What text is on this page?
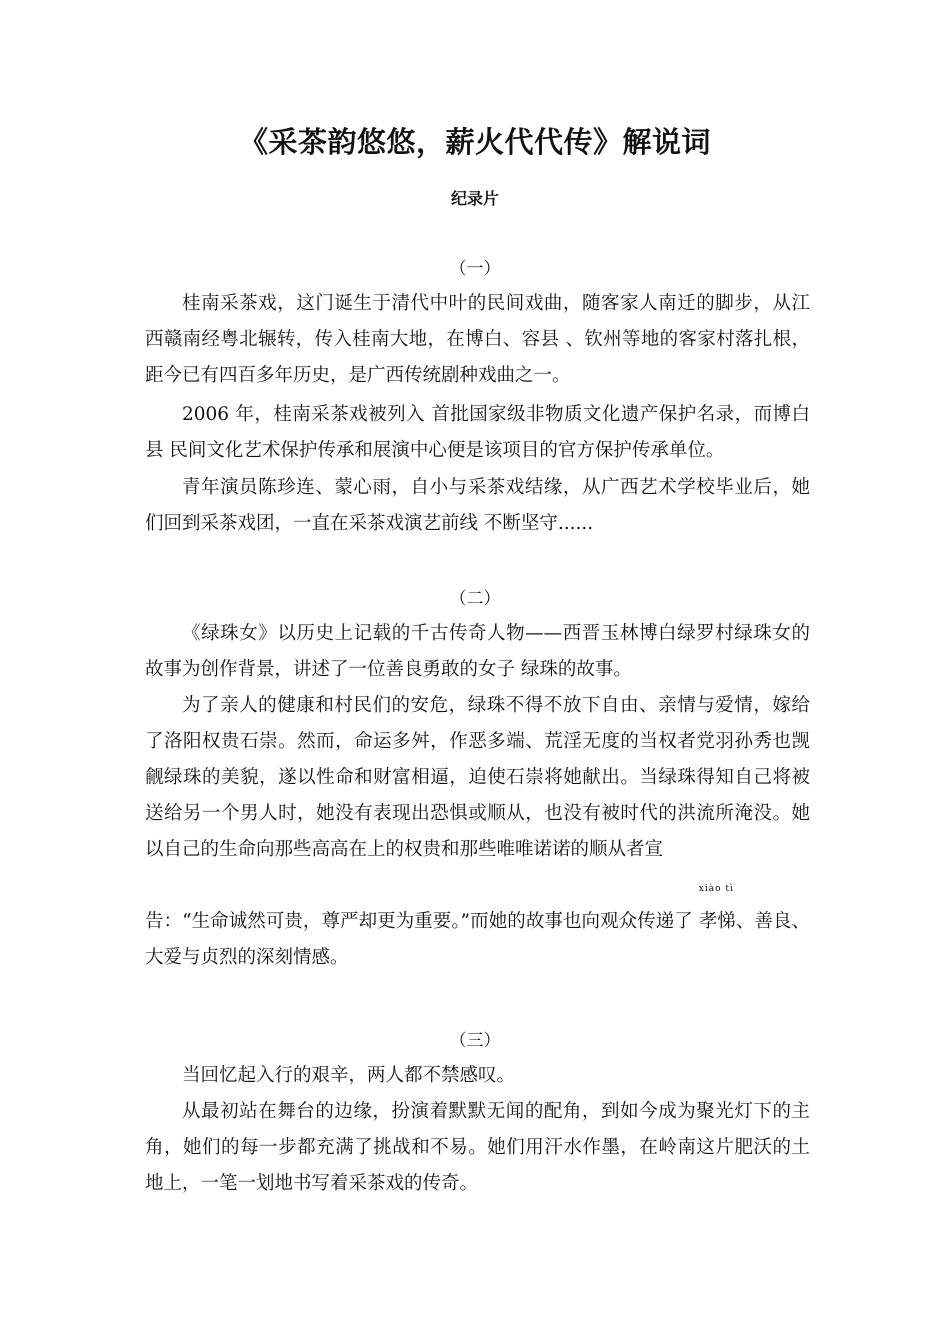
《采茶韵悠悠，薪火代代传》解说词
纪录片
（一）

桂南采茶戏，这门诞生于清代中叶的民间戏曲，随客家人南迁的脚步，从江西赣南经粤北辗转，传入桂南大地，在博白、容县 、钦州等地的客家村落扎根，距今已有四百多年历史，是广西传统剧种戏曲之一。

2006 年，桂南采茶戏被列入 首批国家级非物质文化遗产保护名录，而博白县 民间文化艺术保护传承和展演中心便是该项目的官方保护传承单位。

青年演员陈珍连、蒙心雨，自小与采茶戏结缘，从广西艺术学校毕业后，她们回到采茶戏团，一直在采茶戏演艺前线 不断坚守......

（二）

《绿珠女》以历史上记载的千古传奇人物——西晋玉林博白绿罗村绿珠女的故事为创作背景，讲述了一位善良勇敢的女子 绿珠的故事。

为了亲人的健康和村民们的安危，绿珠不得不放下自由、亲情与爱情，嫁给了洛阳权贵石崇。然而，命运多舛，作恶多端、荒淫无度的当权者党羽孙秀也觊觎绿珠的美貌，遂以性命和财富相逼，迫使石崇将她献出。当绿珠得知自己将被送给另一个男人时，她没有表现出恐惧或顺从，也没有被时代的洪流所淹没。她以自己的生命向那些高高在上的权贵和那些唯唯诺诺的顺从者宣

告：“生命诚然可贵，尊严却更为重要。”而她的故事也向观众传递了
xiào tì
孝悌、善良、大爱与贞烈的深刻情感。

（三）

当回忆起入行的艰辛，两人都不禁感叹。

从最初站在舞台的边缘，扮演着默默无闻的配角，到如今成为聚光灯下的主角，她们的每一步都充满了挑战和不易。她们用汗水作墨，在岭南这片肥沃的土地上，一笔一划地书写着采茶戏的传奇。
